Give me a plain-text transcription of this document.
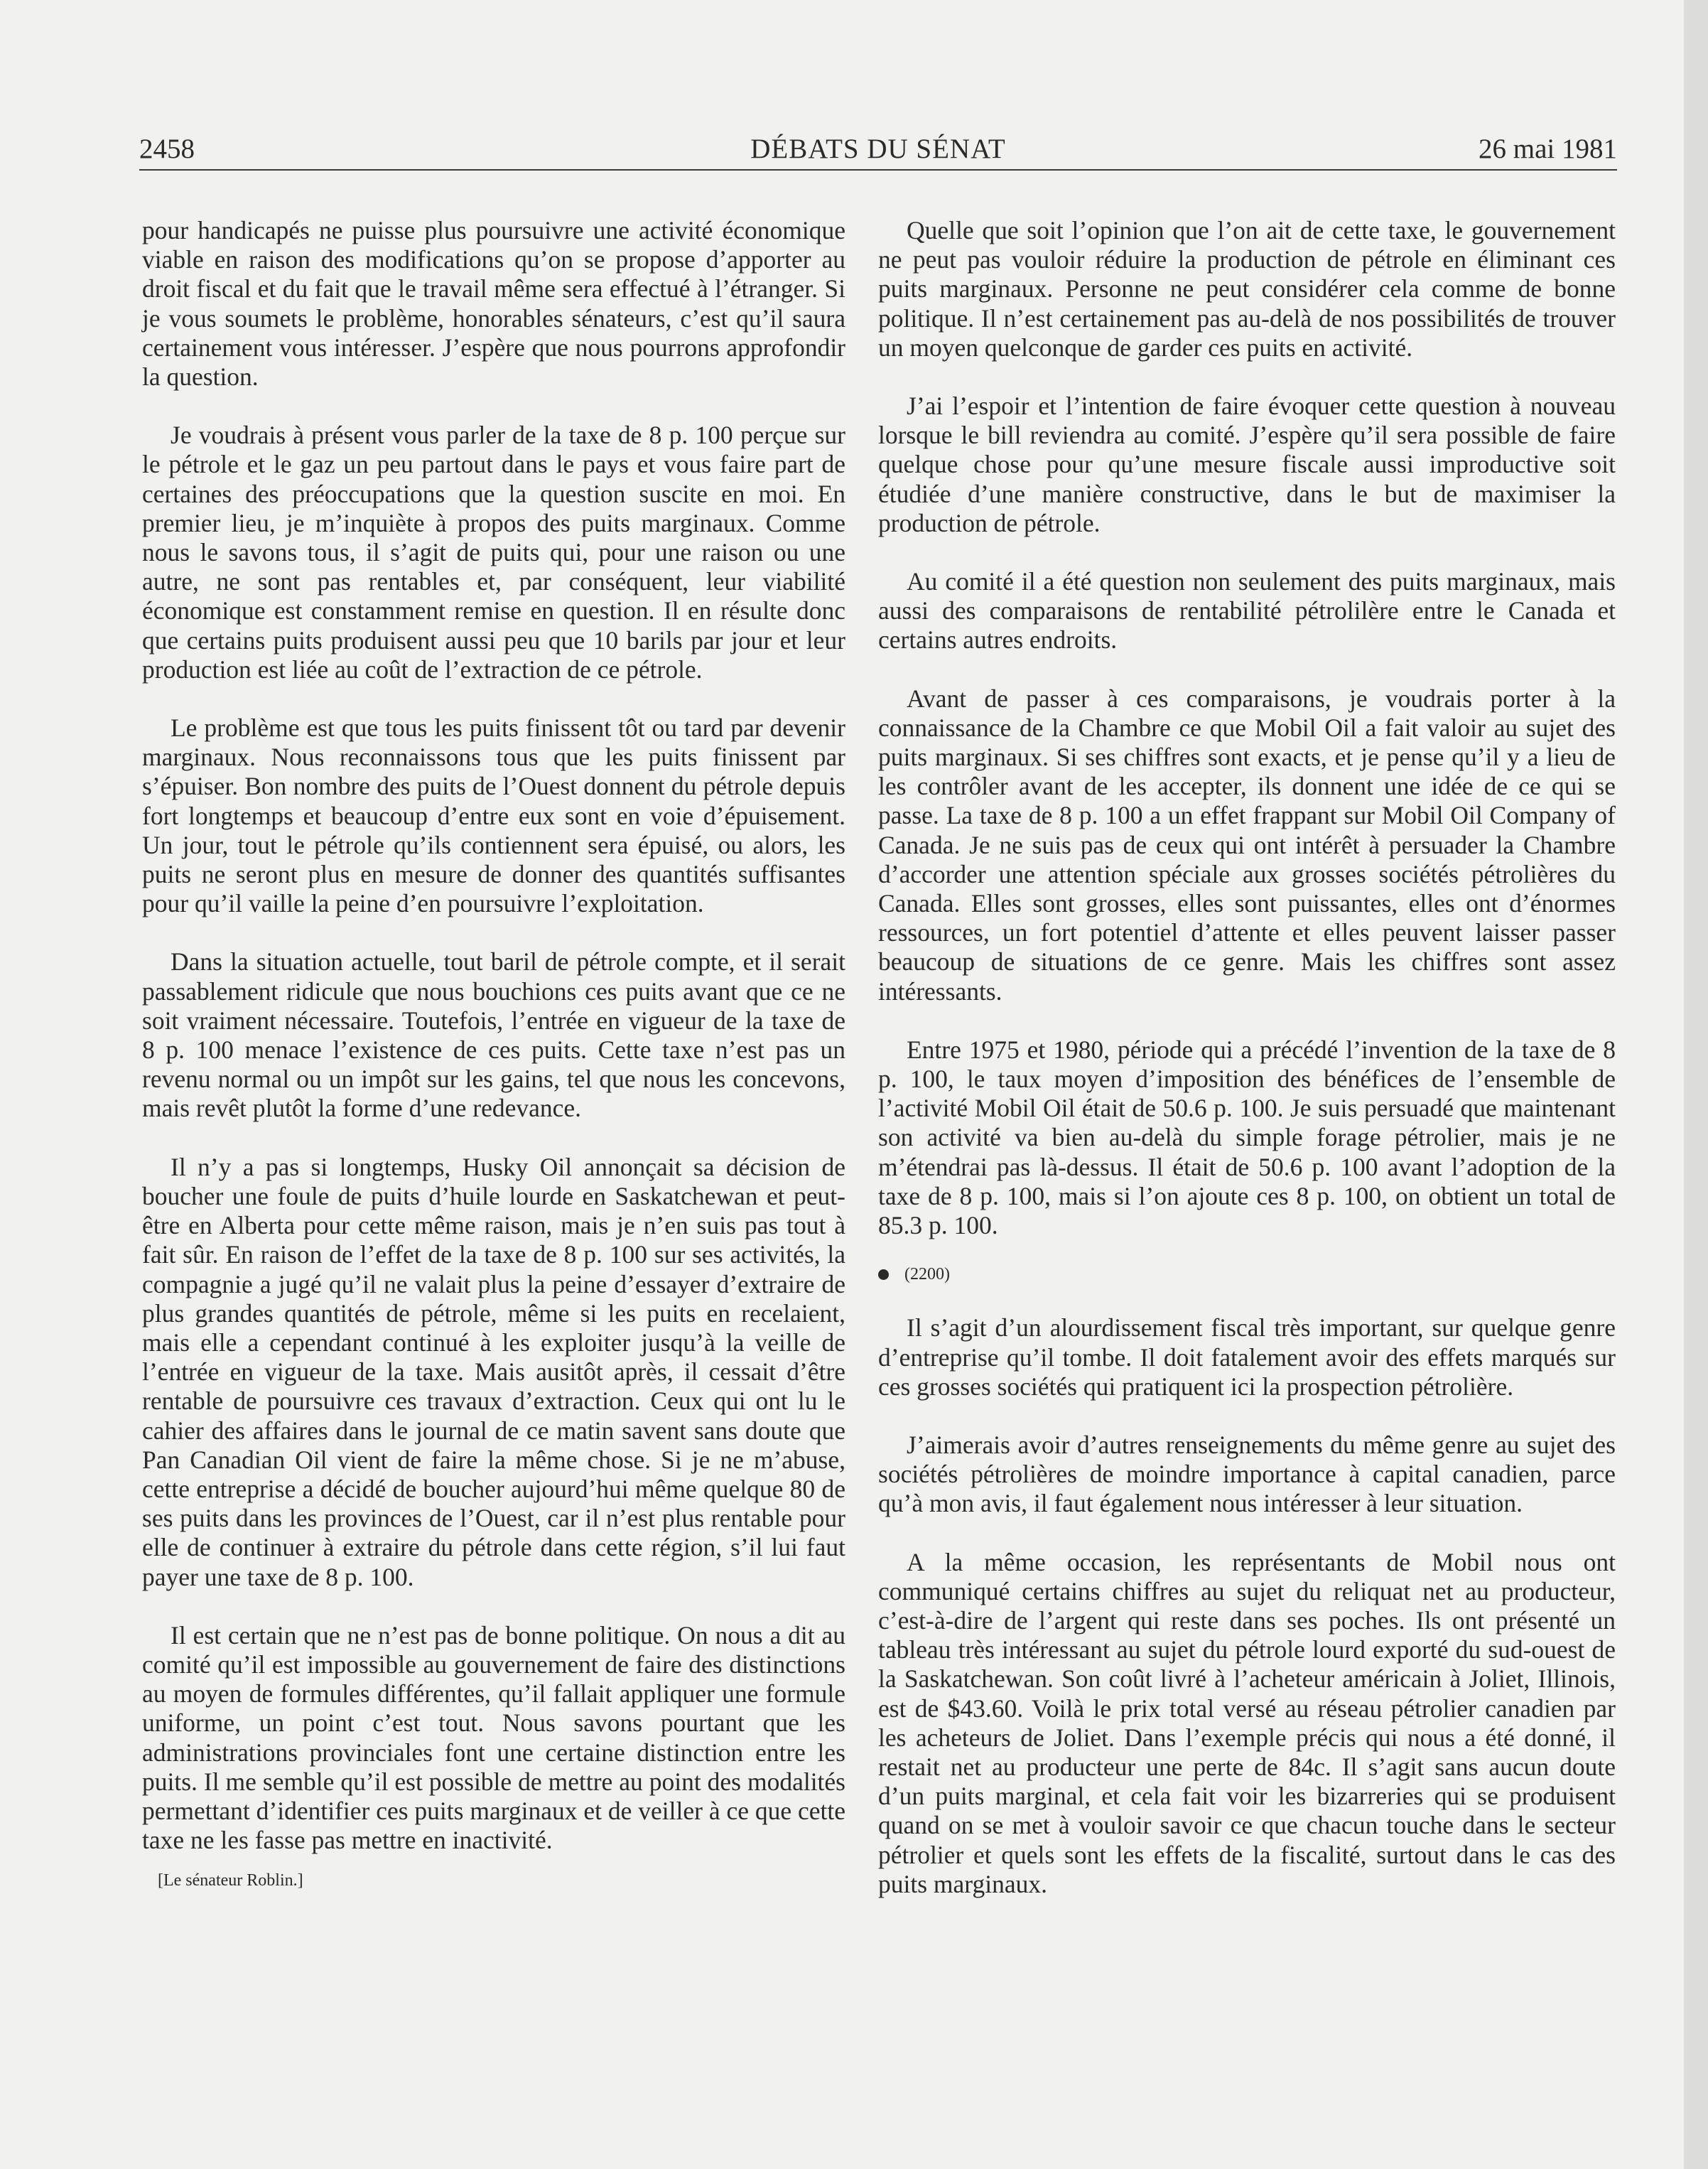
2458	DÉBATS DU SÉNAT	26 mai 1981

pour handicapés ne puisse plus poursuivre une activité économique viable en raison des modifications qu’on se propose d’apporter au droit fiscal et du fait que le travail même sera effectué à l’étranger. Si je vous soumets le problème, honorables sénateurs, c’est qu’il saura certainement vous intéresser. J’espère que nous pourrons approfondir la question.

Je voudrais à présent vous parler de la taxe de 8 p. 100 perçue sur le pétrole et le gaz un peu partout dans le pays et vous faire part de certaines des préoccupations que la question suscite en moi. En premier lieu, je m’inquiète à propos des puits marginaux. Comme nous le savons tous, il s’agit de puits qui, pour une raison ou une autre, ne sont pas rentables et, par conséquent, leur viabilité économique est constamment remise en question. Il en résulte donc que certains puits produisent aussi peu que 10 barils par jour et leur production est liée au coût de l’extraction de ce pétrole.

Le problème est que tous les puits finissent tôt ou tard par devenir marginaux. Nous reconnaissons tous que les puits finissent par s’épuiser. Bon nombre des puits de l’Ouest donnent du pétrole depuis fort longtemps et beaucoup d’entre eux sont en voie d’épuisement. Un jour, tout le pétrole qu’ils contiennent sera épuisé, ou alors, les puits ne seront plus en mesure de donner des quantités suffisantes pour qu’il vaille la peine d’en poursuivre l’exploitation.

Dans la situation actuelle, tout baril de pétrole compte, et il serait passablement ridicule que nous bouchions ces puits avant que ce ne soit vraiment nécessaire. Toutefois, l’entrée en vigueur de la taxe de 8 p. 100 menace l’existence de ces puits. Cette taxe n’est pas un revenu normal ou un impôt sur les gains, tel que nous les concevons, mais revêt plutôt la forme d’une redevance.

Il n’y a pas si longtemps, Husky Oil annonçait sa décision de boucher une foule de puits d’huile lourde en Saskatchewan et peut-être en Alberta pour cette même raison, mais je n’en suis pas tout à fait sûr. En raison de l’effet de la taxe de 8 p. 100 sur ses activités, la compagnie a jugé qu’il ne valait plus la peine d’essayer d’extraire de plus grandes quantités de pétrole, même si les puits en recelaient, mais elle a cependant continué à les exploiter jusqu’à la veille de l’entrée en vigueur de la taxe. Mais ausitôt après, il cessait d’être rentable de poursuivre ces travaux d’extraction. Ceux qui ont lu le cahier des affaires dans le journal de ce matin savent sans doute que Pan Canadian Oil vient de faire la même chose. Si je ne m’abuse, cette entreprise a décidé de boucher aujourd’hui même quelque 80 de ses puits dans les provinces de l’Ouest, car il n’est plus rentable pour elle de continuer à extraire du pétrole dans cette région, s’il lui faut payer une taxe de 8 p. 100.

Il est certain que ne n’est pas de bonne politique. On nous a dit au comité qu’il est impossible au gouvernement de faire des distinctions au moyen de formules différentes, qu’il fallait appliquer une formule uniforme, un point c’est tout. Nous savons pourtant que les administrations provinciales font une certaine distinction entre les puits. Il me semble qu’il est possible de mettre au point des modalités permettant d’identifier ces puits marginaux et de veiller à ce que cette taxe ne les fasse pas mettre en inactivité.

[Le sénateur Roblin.]

Quelle que soit l’opinion que l’on ait de cette taxe, le gouvernement ne peut pas vouloir réduire la production de pétrole en éliminant ces puits marginaux. Personne ne peut considérer cela comme de bonne politique. Il n’est certainement pas au-delà de nos possibilités de trouver un moyen quelconque de garder ces puits en activité.

J’ai l’espoir et l’intention de faire évoquer cette question à nouveau lorsque le bill reviendra au comité. J’espère qu’il sera possible de faire quelque chose pour qu’une mesure fiscale aussi improductive soit étudiée d’une manière constructive, dans le but de maximiser la production de pétrole.

Au comité il a été question non seulement des puits marginaux, mais aussi des comparaisons de rentabilité pétrolilère entre le Canada et certains autres endroits.

Avant de passer à ces comparaisons, je voudrais porter à la connaissance de la Chambre ce que Mobil Oil a fait valoir au sujet des puits marginaux. Si ses chiffres sont exacts, et je pense qu’il y a lieu de les contrôler avant de les accepter, ils donnent une idée de ce qui se passe. La taxe de 8 p. 100 a un effet frappant sur Mobil Oil Company of Canada. Je ne suis pas de ceux qui ont intérêt à persuader la Chambre d’accorder une attention spéciale aux grosses sociétés pétrolières du Canada. Elles sont grosses, elles sont puissantes, elles ont d’énormes ressources, un fort potentiel d’attente et elles peuvent laisser passer beaucoup de situations de ce genre. Mais les chiffres sont assez intéressants.

Entre 1975 et 1980, période qui a précédé l’invention de la taxe de 8 p. 100, le taux moyen d’imposition des bénéfices de l’ensemble de l’activité Mobil Oil était de 50.6 p. 100. Je suis persuadé que maintenant son activité va bien au-delà du simple forage pétrolier, mais je ne m’étendrai pas là-dessus. Il était de 50.6 p. 100 avant l’adoption de la taxe de 8 p. 100, mais si l’on ajoute ces 8 p. 100, on obtient un total de 85.3 p. 100.

(2200)

Il s’agit d’un alourdissement fiscal très important, sur quelque genre d’entreprise qu’il tombe. Il doit fatalement avoir des effets marqués sur ces grosses sociétés qui pratiquent ici la prospection pétrolière.

J’aimerais avoir d’autres renseignements du même genre au sujet des sociétés pétrolières de moindre importance à capital canadien, parce qu’à mon avis, il faut également nous intéresser à leur situation.

A la même occasion, les représentants de Mobil nous ont communiqué certains chiffres au sujet du reliquat net au producteur, c’est-à-dire de l’argent qui reste dans ses poches. Ils ont présenté un tableau très intéressant au sujet du pétrole lourd exporté du sud-ouest de la Saskatchewan. Son coût livré à l’acheteur américain à Joliet, Illinois, est de $43.60. Voilà le prix total versé au réseau pétrolier canadien par les acheteurs de Joliet. Dans l’exemple précis qui nous a été donné, il restait net au producteur une perte de 84c. Il s’agit sans aucun doute d’un puits marginal, et cela fait voir les bizarreries qui se produisent quand on se met à vouloir savoir ce que chacun touche dans le secteur pétrolier et quels sont les effets de la fiscalité, surtout dans le cas des puits marginaux.
